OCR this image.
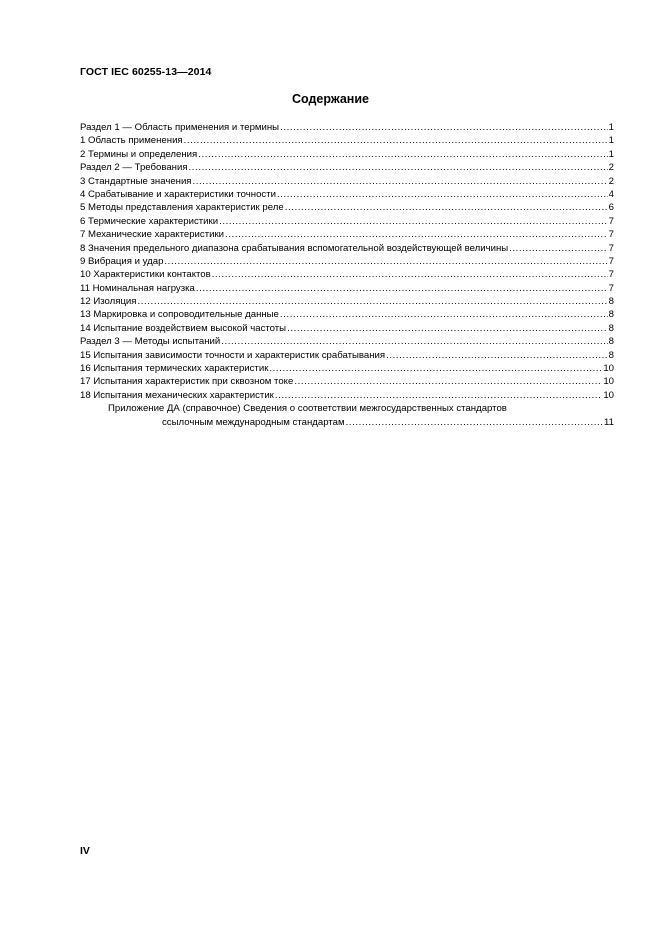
ГОСТ IEC 60255-13—2014
Содержание
Раздел 1 — Область применения и термины .....	1
1 Область применения .....	1
2 Термины и определения .....	1
Раздел 2 — Требования .....	2
3 Стандартные значения .....	2
4 Срабатывание и характеристики точности .....	4
5 Методы представления характеристик реле .....	6
6 Термические характеристики .....	7
7 Механические характеристики .....	7
8 Значения предельного диапазона срабатывания вспомогательной воздействующей величины .....	7
9 Вибрация и удар .....	7
10 Характеристики контактов .....	7
11 Номинальная нагрузка .....	7
12 Изоляция .....	8
13 Маркировка и сопроводительные данные .....	8
14 Испытание воздействием высокой частоты .....	8
Раздел 3 — Методы испытаний .....	8
15 Испытания зависимости точности и характеристик срабатывания .....	8
16 Испытания термических характеристик .....	10
17 Испытания характеристик при сквозном токе .....	10
18 Испытания механических характеристик .....	10
Приложение ДА (справочное) Сведения о соответствии межгосударственных стандартов
ссылочным международным стандартам .....	11
IV
